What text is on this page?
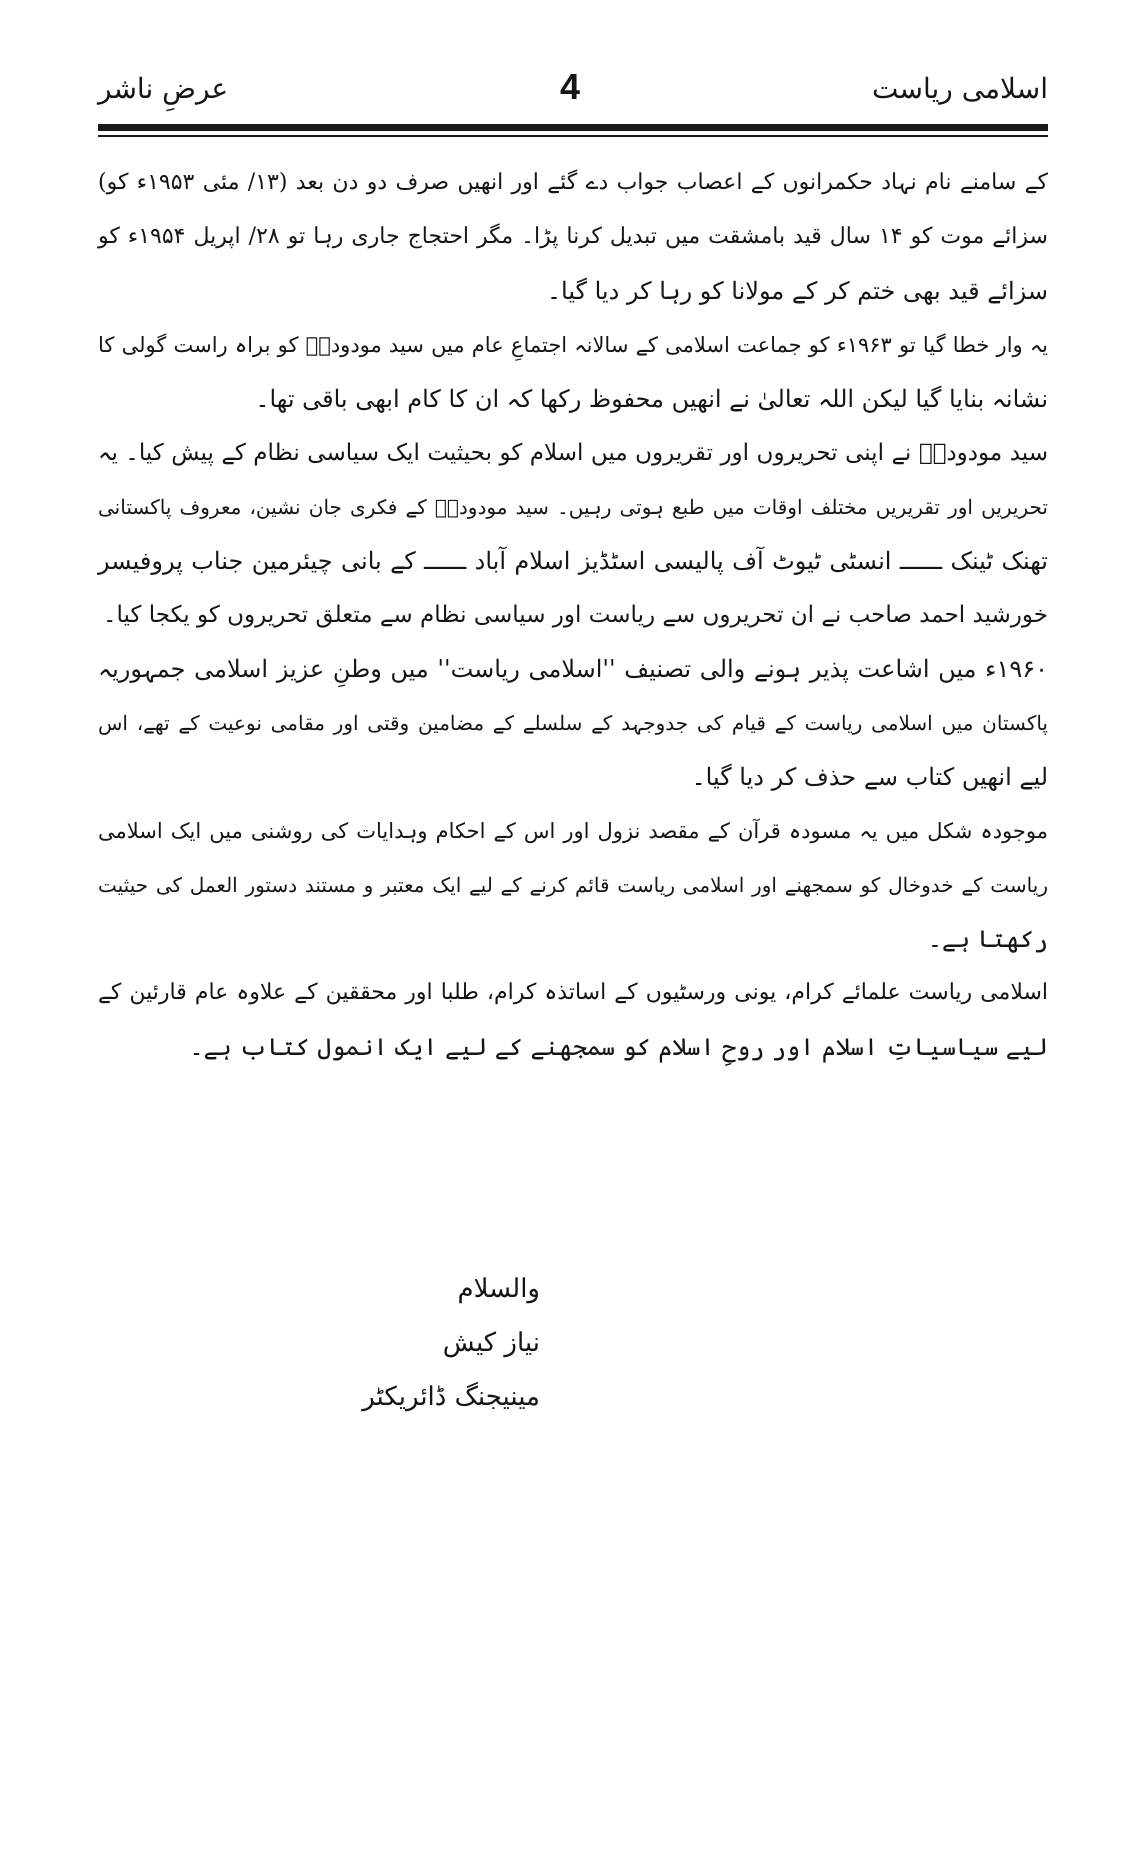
اسلامی ریاست
4
عرضِ ناشر
کے سامنے نام نہاد حکمرانوں کے اعصاب جواب دے گئے اور انھیں صرف دو دن بعد (۱۳/ مئی ۱۹۵۳ء کو)
سزائے موت کو ۱۴ سال قید بامشقت میں تبدیل کرنا پڑا۔ مگر احتجاج جاری رہا تو ۲۸/ اپریل ۱۹۵۴ء کو
سزائے قید بھی ختم کر کے مولانا کو رہا کر دیا گیا۔
یہ وار خطا گیا تو ۱۹۶۳ء کو جماعت اسلامی کے سالانہ اجتماعِ عام میں سید مودودیؒ کو براہ راست گولی کا
نشانہ بنایا گیا لیکن اللہ تعالیٰ نے انھیں محفوظ رکھا کہ ان کا کام ابھی باقی تھا۔
سید مودودیؒ نے اپنی تحریروں اور تقریروں میں اسلام کو بحیثیت ایک سیاسی نظام کے پیش کیا۔ یہ
تحریریں اور تقریریں مختلف اوقات میں طبع ہوتی رہیں۔ سید مودودیؒ کے فکری جان نشین، معروف پاکستانی
تھنک ٹینک ــــــ انسٹی ٹیوٹ آف پالیسی اسٹڈیز اسلام آباد ــــــ کے بانی چیئرمین جناب پروفیسر
خورشید احمد صاحب نے ان تحریروں سے ریاست اور سیاسی نظام سے متعلق تحریروں کو یکجا کیا۔
۱۹۶۰ء میں اشاعت پذیر ہونے والی تصنیف ''اسلامی ریاست'' میں وطنِ عزیز اسلامی جمہوریہ
پاکستان میں اسلامی ریاست کے قیام کی جدوجہد کے سلسلے کے مضامین وقتی اور مقامی نوعیت کے تھے، اس
لیے انھیں کتاب سے حذف کر دیا گیا۔
موجودہ شکل میں یہ مسودہ قرآن کے مقصد نزول اور اس کے احکام وہدایات کی روشنی میں ایک اسلامی
ریاست کے خدوخال کو سمجھنے اور اسلامی ریاست قائم کرنے کے لیے ایک معتبر و مستند دستور العمل کی حیثیت
رکھتا ہے۔
اسلامی ریاست علمائے کرام، یونی ورسٹیوں کے اساتذہ کرام، طلبا اور محققین کے علاوہ عام قارئین کے
لیے سیاسیاتِ اسلام اور روحِ اسلام کو سمجھنے کے لیے ایک انمول کتاب ہے۔
والسلام
نیاز کیش
مینیجنگ ڈائریکٹر
